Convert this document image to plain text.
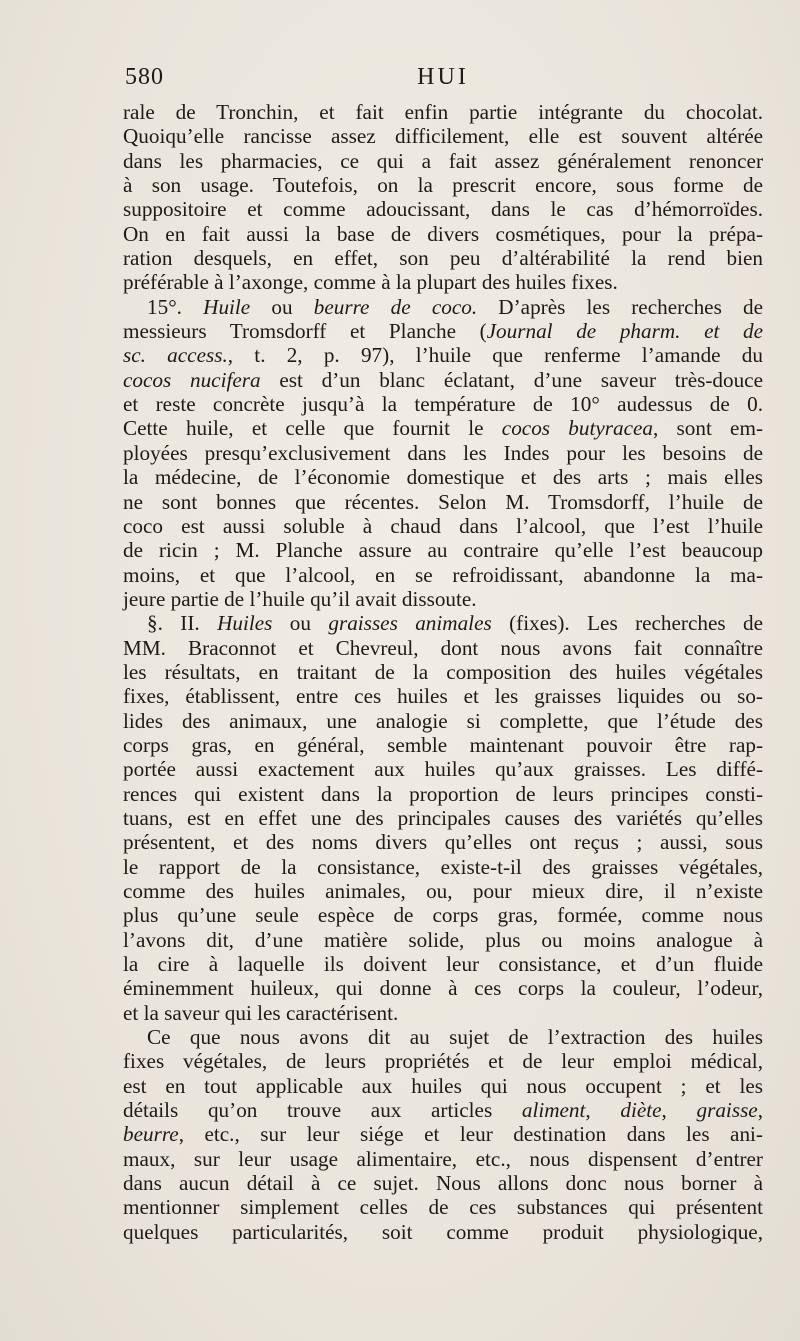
580	HUI
rale de Tronchin, et fait enfin partie intégrante du chocolat.
Quoiqu’elle rancisse assez difficilement, elle est souvent altérée
dans les pharmacies, ce qui a fait assez généralement renoncer
à son usage. Toutefois, on la prescrit encore, sous forme de
suppositoire et comme adoucissant, dans le cas d’hémorroïdes.
On en fait aussi la base de divers cosmétiques, pour la prépa-
ration desquels, en effet, son peu d’altérabilité la rend bien
préférable à l’axonge, comme à la plupart des huiles fixes.
15°. Huile ou beurre de coco. D’après les recherches de
messieurs Tromsdorff et Planche (Journal de pharm. et de
sc. access., t. 2, p. 97), l’huile que renferme l’amande du
cocos nucifera est d’un blanc éclatant, d’une saveur très-douce
et reste concrète jusqu’à la température de 10° audessus de 0.
Cette huile, et celle que fournit le cocos butyracea, sont em-
ployées presqu’exclusivement dans les Indes pour les besoins de
la médecine, de l’économie domestique et des arts ; mais elles
ne sont bonnes que récentes. Selon M. Tromsdorff, l’huile de
coco est aussi soluble à chaud dans l’alcool, que l’est l’huile
de ricin ; M. Planche assure au contraire qu’elle l’est beaucoup
moins, et que l’alcool, en se refroidissant, abandonne la ma-
jeure partie de l’huile qu’il avait dissoute.
§. II. Huiles ou graisses animales (fixes). Les recherches de
MM. Braconnot et Chevreul, dont nous avons fait connaître
les résultats, en traitant de la composition des huiles végétales
fixes, établissent, entre ces huiles et les graisses liquides ou so-
lides des animaux, une analogie si complette, que l’étude des
corps gras, en général, semble maintenant pouvoir être rap-
portée aussi exactement aux huiles qu’aux graisses. Les diffé-
rences qui existent dans la proportion de leurs principes consti-
tuans, est en effet une des principales causes des variétés qu’elles
présentent, et des noms divers qu’elles ont reçus ; aussi, sous
le rapport de la consistance, existe-t-il des graisses végétales,
comme des huiles animales, ou, pour mieux dire, il n’existe
plus qu’une seule espèce de corps gras, formée, comme nous
l’avons dit, d’une matière solide, plus ou moins analogue à
la cire à laquelle ils doivent leur consistance, et d’un fluide
éminemment huileux, qui donne à ces corps la couleur, l’odeur,
et la saveur qui les caractérisent.
Ce que nous avons dit au sujet de l’extraction des huiles
fixes végétales, de leurs propriétés et de leur emploi médical,
est en tout applicable aux huiles qui nous occupent ; et les
détails qu’on trouve aux articles aliment, diète, graisse,
beurre, etc., sur leur siége et leur destination dans les ani-
maux, sur leur usage alimentaire, etc., nous dispensent d’entrer
dans aucun détail à ce sujet. Nous allons donc nous borner à
mentionner simplement celles de ces substances qui présentent
quelques particularités, soit comme produit physiologique,
